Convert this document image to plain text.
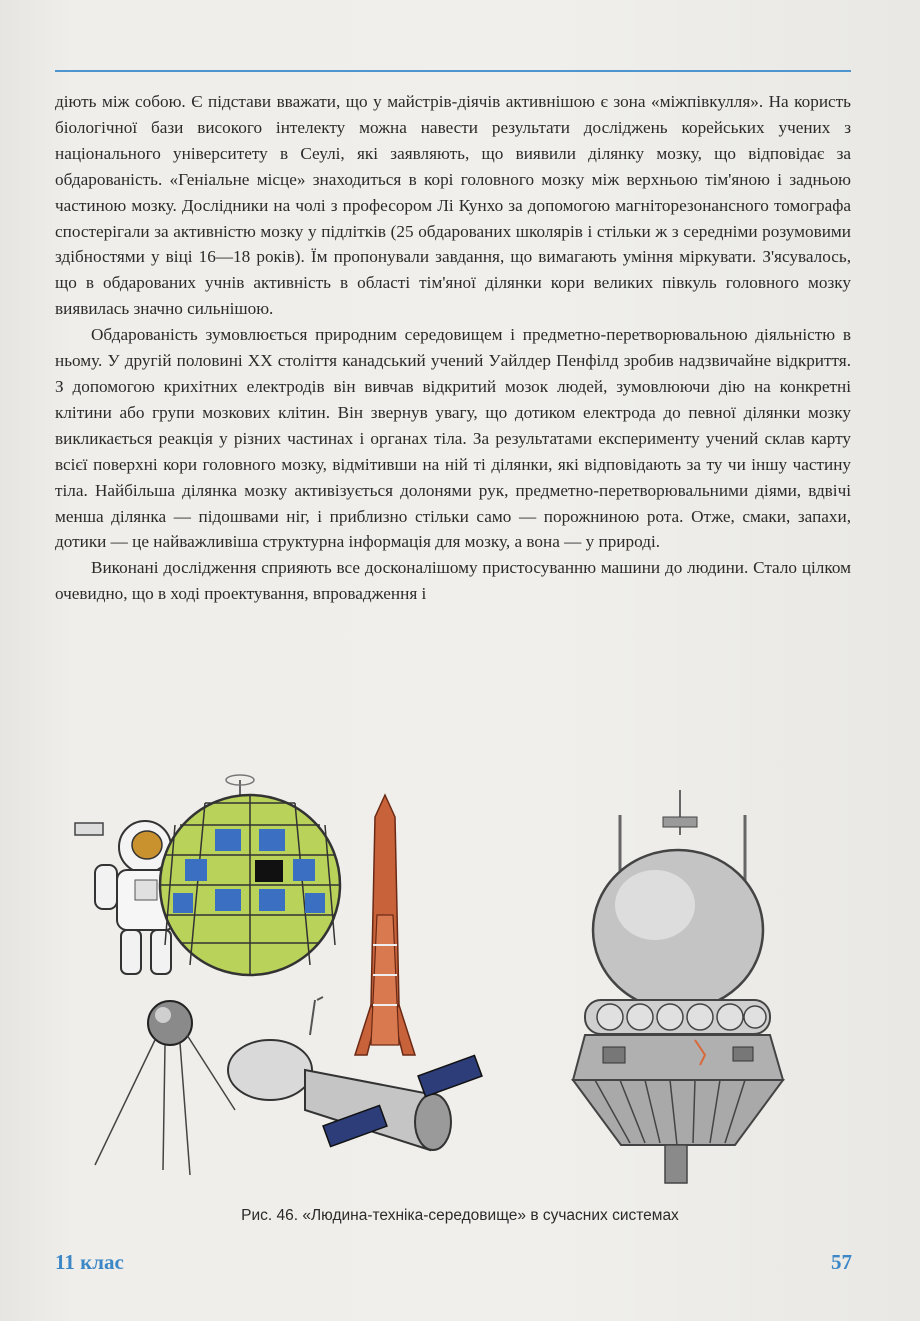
діють між собою. Є підстави вважати, що у майстрів-діячів активнішою є зона «міжпівкулля». На користь біологічної бази високого інтелекту можна навести результати досліджень корейських учених з національного університету в Сеулі, які заявляють, що виявили ділянку мозку, що відповідає за обдарованість. «Геніальне місце» знаходиться в корі головного мозку між верхньою тім'яною і задньою частиною мозку. Дослідники на чолі з професором Лі Кунхо за допомогою магніторезонансного томографа спостерігали за активністю мозку у підлітків (25 обдарованих школярів і стільки ж з середніми розумовими здібностями у віці 16—18 років). Їм пропонували завдання, що вимагають уміння міркувати. З'ясувалось, що в обдарованих учнів активність в області тім'яної ділянки кори великих півкуль головного мозку виявилась значно сильнішою.

Обдарованість зумовлюється природним середовищем і предметно-перетворювальною діяльністю в ньому. У другій половині XX століття канадський учений Уайлдер Пенфілд зробив надзвичайне відкриття. З допомогою крихітних електродів він вивчав відкритий мозок людей, зумовлюючи дію на конкретні клітини або групи мозкових клітин. Він звернув увагу, що дотиком електрода до певної ділянки мозку викликається реакція у різних частинах і органах тіла. За результатами експерименту учений склав карту всієї поверхні кори головного мозку, відмітивши на ній ті ділянки, які відповідають за ту чи іншу частину тіла. Найбільша ділянка мозку активізується долонями рук, предметно-перетворювальними діями, вдвічі менша ділянка — підошвами ніг, і приблизно стільки само — порожниною рота. Отже, смаки, запахи, дотики — це найважливіша структурна інформація для мозку, а вона — у природі.

Виконані дослідження сприяють все досконалішому пристосуванню машини до людини. Стало цілком очевидно, що в ході проектування, впровадження і

Рис. 46. «Людина-техніка-середовище» в сучасних системах
11 клас	57
